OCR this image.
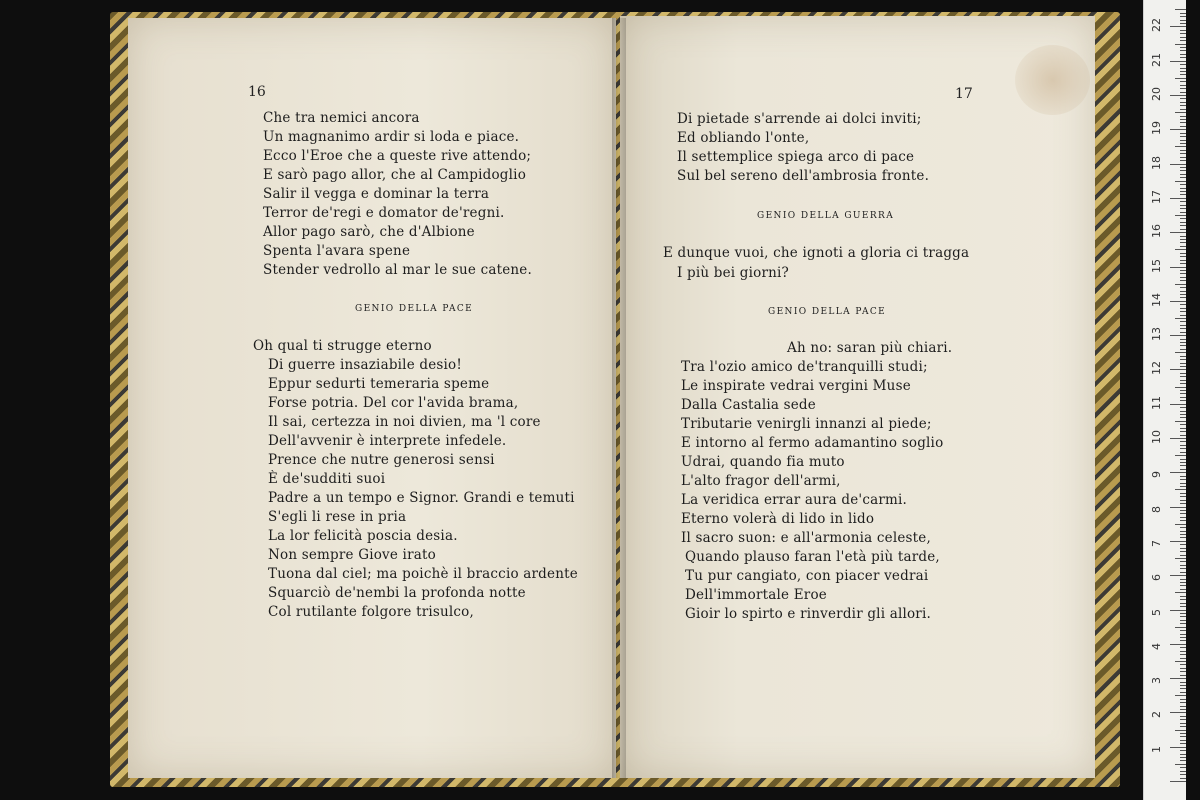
16
Che tra nemici ancora
Un magnanimo ardir si loda e piace.
Ecco l'Eroe che a queste rive attendo;
E sarò pago allor, che al Campidoglio
Salir il vegga e dominar la terra
Terror de'regi e domator de'regni.
Allor pago sarò, che d'Albione
Spenta l'avara spene
Stender vedrollo al mar le sue catene.
GENIO DELLA PACE
Oh qual ti strugge eterno
Di guerre insaziabile desio!
Eppur sedurti temeraria speme
Forse potria. Del cor l'avida brama,
Il sai, certezza in noi divien, ma 'l core
Dell'avvenir è interprete infedele.
Prence che nutre generosi sensi
È de'sudditi suoi
Padre a un tempo e Signor. Grandi e temuti
S'egli li rese in pria
La lor felicità poscia desia.
Non sempre Giove irato
Tuona dal ciel; ma poichè il braccio ardente
Squarciò de'nembi la profonda notte
Col rutilante folgore trisulco,
17
Di pietade s'arrende ai dolci inviti;
Ed obliando l'onte,
Il settemplice spiega arco di pace
Sul bel sereno dell'ambrosia fronte.
GENIO DELLA GUERRA
E dunque vuoi, che ignoti a gloria ci tragga
I più bei giorni?
GENIO DELLA PACE
Ah no: saran più chiari.
Tra l'ozio amico de'tranquilli studi;
Le inspirate vedrai vergini Muse
Dalla Castalia sede
Tributarie venirgli innanzi al piede;
E intorno al fermo adamantino soglio
Udrai, quando fia muto
L'alto fragor dell'armi,
La veridica errar aura de'carmi.
Eterno volerà di lido in lido
Il sacro suon: e all'armonia celeste,
Quando plauso faran l'età più tarde,
Tu pur cangiato, con piacer vedrai
Dell'immortale Eroe
Gioir lo spirto e rinverdir gli allori.
1
2
3
4
5
6
7
8
9
10
11
12
13
14
15
16
17
18
19
20
21
22
